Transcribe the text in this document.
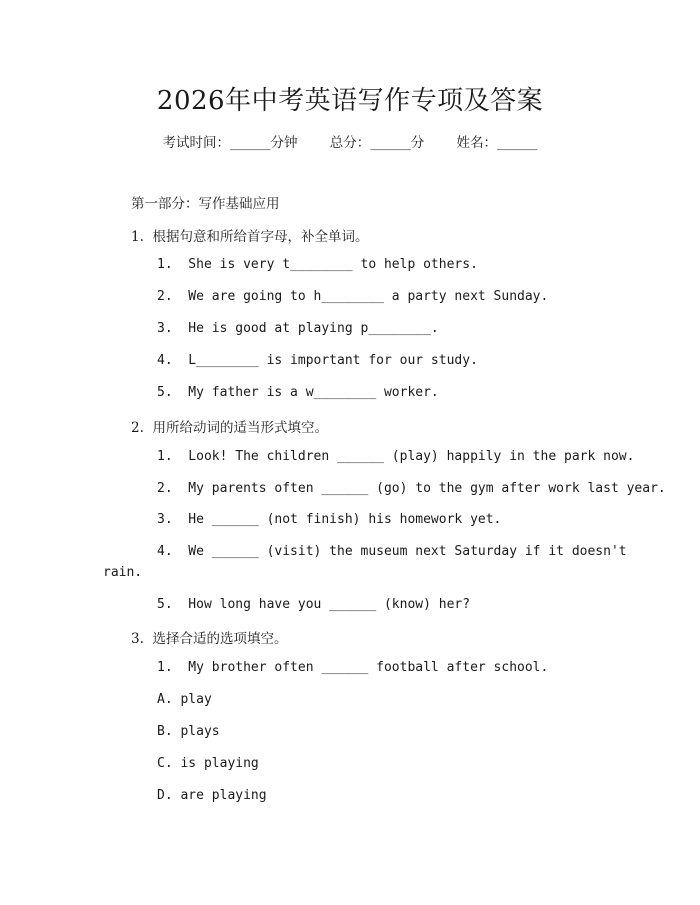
2026年中考英语写作专项及答案
考试时间：______分钟 总分：______分 姓名：______
第一部分：写作基础应用
1.  根据句意和所给首字母，补全单词。
1.  She is very t________ to help others.
2.  We are going to h________ a party next Sunday.
3.  He is good at playing p________.
4.  L________ is important for our study.
5.  My father is a w________ worker.
2.  用所给动词的适当形式填空。
1.  Look! The children ______ (play) happily in the park now.
2.  My parents often ______ (go) to the gym after work last year.
3.  He ______ (not finish) his homework yet.
4.  We ______ (visit) the museum next Saturday if it doesn't
rain.
5.  How long have you ______ (know) her?
3.  选择合适的选项填空。
1.  My brother often ______ football after school.
A. play
B. plays
C. is playing
D. are playing
